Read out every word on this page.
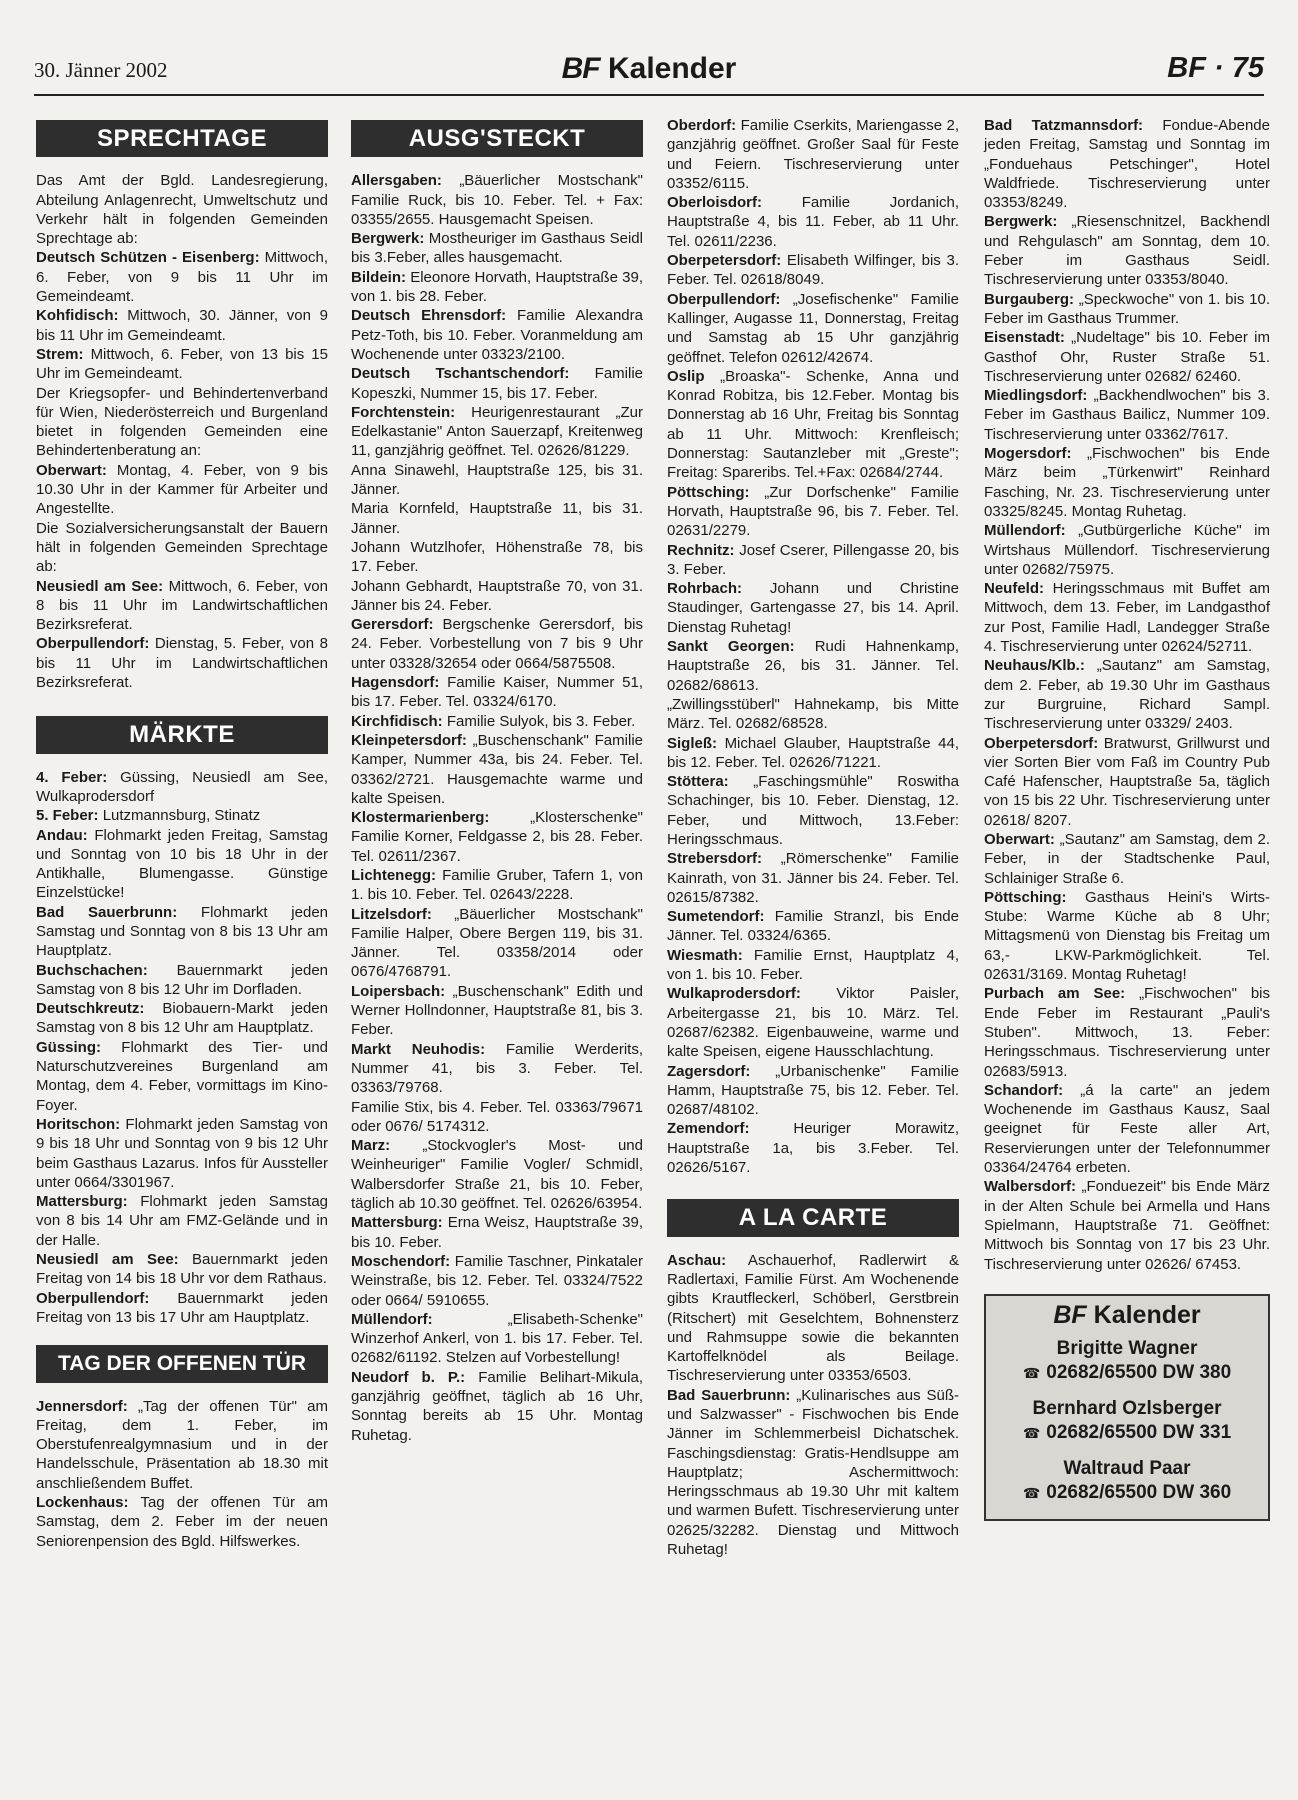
30. Jänner 2002	BF Kalender	BF · 75
SPRECHTAGE

Das Amt der Bgld. Landesregierung, Abteilung Anlagenrecht, Umweltschutz und Verkehr hält in folgenden Gemeinden Sprechtage ab:

Deutsch Schützen - Eisenberg: Mittwoch, 6. Feber, von 9 bis 11 Uhr im Gemeindeamt.

Kohfidisch: Mittwoch, 30. Jänner, von 9 bis 11 Uhr im Gemeindeamt.

Strem: Mittwoch, 6. Feber, von 13 bis 15 Uhr im Gemeindeamt.

Der Kriegsopfer- und Behindertenverband für Wien, Niederösterreich und Burgenland bietet in folgenden Gemeinden eine Behindertenberatung an:

Oberwart: Montag, 4. Feber, von 9 bis 10.30 Uhr in der Kammer für Arbeiter und Angestellte.

Die Sozialversicherungsanstalt der Bauern hält in folgenden Gemeinden Sprechtage ab:

Neusiedl am See: Mittwoch, 6. Feber, von 8 bis 11 Uhr im Landwirtschaftlichen Bezirksreferat.

Oberpullendorf: Dienstag, 5. Feber, von 8 bis 11 Uhr im Landwirtschaftlichen Bezirksreferat.

MÄRKTE

4. Feber: Güssing, Neusiedl am See, Wulkaprodersdorf

5. Feber: Lutzmannsburg, Stinatz

Andau: Flohmarkt jeden Freitag, Samstag und Sonntag von 10 bis 18 Uhr in der Antikhalle, Blumengasse. Günstige Einzelstücke!

Bad Sauerbrunn: Flohmarkt jeden Samstag und Sonntag von 8 bis 13 Uhr am Hauptplatz.

Buchschachen: Bauernmarkt jeden Samstag von 8 bis 12 Uhr im Dorfladen.

Deutschkreutz: Biobauern-Markt jeden Samstag von 8 bis 12 Uhr am Hauptplatz.

Güssing: Flohmarkt des Tier- und Naturschutzvereines Burgenland am Montag, dem 4. Feber, vormittags im Kino-Foyer.

Horitschon: Flohmarkt jeden Samstag von 9 bis 18 Uhr und Sonntag von 9 bis 12 Uhr beim Gasthaus Lazarus. Infos für Aussteller unter 0664/3301967.

Mattersburg: Flohmarkt jeden Samstag von 8 bis 14 Uhr am FMZ-Gelände und in der Halle.

Neusiedl am See: Bauernmarkt jeden Freitag von 14 bis 18 Uhr vor dem Rathaus.

Oberpullendorf: Bauernmarkt jeden Freitag von 13 bis 17 Uhr am Hauptplatz.

TAG DER OFFENEN TÜR

Jennersdorf: „Tag der offenen Tür" am Freitag, dem 1. Feber, im Oberstufenrealgymnasium und in der Handelsschule, Präsentation ab 18.30 mit anschließendem Buffet.

Lockenhaus: Tag der offenen Tür am Samstag, dem 2. Feber im der neuen Seniorenpension des Bgld. Hilfswerkes.

AUSG'STECKT

Allersgaben: „Bäuerlicher Mostschank" Familie Ruck, bis 10. Feber. Tel. + Fax: 03355/2655. Hausgemacht Speisen.

Bergwerk: Mostheuriger im Gasthaus Seidl bis 3.Feber, alles hausgemacht.

Bildein: Eleonore Horvath, Hauptstraße 39, von 1. bis 28. Feber.

Deutsch Ehrensdorf: Familie Alexandra Petz-Toth, bis 10. Feber. Voranmeldung am Wochenende unter 03323/2100.

Deutsch Tschantschendorf: Familie Kopeszki, Nummer 15, bis 17. Feber.

Forchtenstein: Heurigenrestaurant „Zur Edelkastanie" Anton Sauerzapf, Kreitenweg 11, ganzjährig geöffnet. Tel. 02626/81229.

Anna Sinawehl, Hauptstraße 125, bis 31. Jänner.

Maria Kornfeld, Hauptstraße 11, bis 31. Jänner.

Johann Wutzlhofer, Höhenstraße 78, bis 17. Feber.

Johann Gebhardt, Hauptstraße 70, von 31. Jänner bis 24. Feber.

Gerersdorf: Bergschenke Gerersdorf, bis 24. Feber. Vorbestellung von 7 bis 9 Uhr unter 03328/32654 oder 0664/5875508.

Hagensdorf: Familie Kaiser, Nummer 51, bis 17. Feber. Tel. 03324/6170.

Kirchfidisch: Familie Sulyok, bis 3. Feber.

Kleinpetersdorf: „Buschenschank" Familie Kamper, Nummer 43a, bis 24. Feber. Tel. 03362/2721. Hausgemachte warme und kalte Speisen.

Klostermarienberg: „Klosterschenke" Familie Korner, Feldgasse 2, bis 28. Feber. Tel. 02611/2367.

Lichtenegg: Familie Gruber, Tafern 1, von 1. bis 10. Feber. Tel. 02643/2228.

Litzelsdorf: „Bäuerlicher Mostschank" Familie Halper, Obere Bergen 119, bis 31. Jänner. Tel. 03358/2014 oder 0676/4768791.

Loipersbach: „Buschenschank" Edith und Werner Hollndonner, Hauptstraße 81, bis 3. Feber.

Markt Neuhodis: Familie Werderits, Nummer 41, bis 3. Feber. Tel. 03363/79768.

Familie Stix, bis 4. Feber. Tel. 03363/79671 oder 0676/ 5174312.

Marz: „Stockvogler's Most- und Weinheuriger" Familie Vogler/ Schmidl, Walbersdorfer Straße 21, bis 10. Feber, täglich ab 10.30 geöffnet. Tel. 02626/63954.

Mattersburg: Erna Weisz, Hauptstraße 39, bis 10. Feber.

Moschendorf: Familie Taschner, Pinkataler Weinstraße, bis 12. Feber. Tel. 03324/7522 oder 0664/ 5910655.

Müllendorf: „Elisabeth-Schenke" Winzerhof Ankerl, von 1. bis 17. Feber. Tel. 02682/61192. Stelzen auf Vorbestellung!

Neudorf b. P.: Familie Belihart-Mikula, ganzjährig geöffnet, täglich ab 16 Uhr, Sonntag bereits ab 15 Uhr. Montag Ruhetag.

Oberdorf: Familie Cserkits, Mariengasse 2, ganzjährig geöffnet. Großer Saal für Feste und Feiern. Tischreservierung unter 03352/6115.

Oberloisdorf: Familie Jordanich, Hauptstraße 4, bis 11. Feber, ab 11 Uhr. Tel. 02611/2236.

Oberpetersdorf: Elisabeth Wilfinger, bis 3. Feber. Tel. 02618/8049.

Oberpullendorf: „Josefischenke" Familie Kallinger, Augasse 11, Donnerstag, Freitag und Samstag ab 15 Uhr ganzjährig geöffnet. Telefon 02612/42674.

Oslip „Broaska"- Schenke, Anna und Konrad Robitza, bis 12.Feber. Montag bis Donnerstag ab 16 Uhr, Freitag bis Sonntag ab 11 Uhr. Mittwoch: Krenfleisch; Donnerstag: Sautanzleber mit „Greste"; Freitag: Spareribs. Tel.+Fax: 02684/2744.

Pöttsching: „Zur Dorfschenke" Familie Horvath, Hauptstraße 96, bis 7. Feber. Tel. 02631/2279.

Rechnitz: Josef Cserer, Pillengasse 20, bis 3. Feber.

Rohrbach: Johann und Christine Staudinger, Gartengasse 27, bis 14. April. Dienstag Ruhetag!

Sankt Georgen: Rudi Hahnenkamp, Hauptstraße 26, bis 31. Jänner. Tel. 02682/68613.

„Zwillingsstüberl" Hahnekamp, bis Mitte März. Tel. 02682/68528.

Sigleß: Michael Glauber, Hauptstraße 44, bis 12. Feber. Tel. 02626/71221.

Stöttera: „Faschingsmühle" Roswitha Schachinger, bis 10. Feber. Dienstag, 12. Feber, und Mittwoch, 13.Feber: Heringsschmaus.

Strebersdorf: „Römerschenke" Familie Kainrath, von 31. Jänner bis 24. Feber. Tel. 02615/87382.

Sumetendorf: Familie Stranzl, bis Ende Jänner. Tel. 03324/6365.

Wiesmath: Familie Ernst, Hauptplatz 4, von 1. bis 10. Feber.

Wulkaprodersdorf: Viktor Paisler, Arbeitergasse 21, bis 10. März. Tel. 02687/62382. Eigenbauweine, warme und kalte Speisen, eigene Hausschlachtung.

Zagersdorf: „Urbanischenke" Familie Hamm, Hauptstraße 75, bis 12. Feber. Tel. 02687/48102.

Zemendorf: Heuriger Morawitz, Hauptstraße 1a, bis 3.Feber. Tel. 02626/5167.

A LA CARTE

Aschau: Aschauerhof, Radlerwirt & Radlertaxi, Familie Fürst. Am Wochenende gibts Krautfleckerl, Schöberl, Gerstbrein (Ritschert) mit Geselchtem, Bohnensterz und Rahmsuppe sowie die bekannten Kartoffelknödel als Beilage. Tischreservierung unter 03353/6503.

Bad Sauerbrunn: „Kulinarisches aus Süß- und Salzwasser" - Fischwochen bis Ende Jänner im Schlemmerbeisl Dichatschek. Faschingsdienstag: Gratis-Hendlsuppe am Hauptplatz; Aschermittwoch: Heringsschmaus ab 19.30 Uhr mit kaltem und warmen Bufett. Tischreservierung unter 02625/32282. Dienstag und Mittwoch Ruhetag!

Bad Tatzmannsdorf: Fondue-Abende jeden Freitag, Samstag und Sonntag im „Fonduehaus Petschinger", Hotel Waldfriede. Tischreservierung unter 03353/8249.

Bergwerk: „Riesenschnitzel, Backhendl und Rehgulasch" am Sonntag, dem 10. Feber im Gasthaus Seidl. Tischreservierung unter 03353/8040.

Burgauberg: „Speckwoche" von 1. bis 10. Feber im Gasthaus Trummer.

Eisenstadt: „Nudeltage" bis 10. Feber im Gasthof Ohr, Ruster Straße 51. Tischreservierung unter 02682/ 62460.

Miedlingsdorf: „Backhendlwochen" bis 3. Feber im Gasthaus Bailicz, Nummer 109. Tischreservierung unter 03362/7617.

Mogersdorf: „Fischwochen" bis Ende März beim „Türkenwirt" Reinhard Fasching, Nr. 23. Tischreservierung unter 03325/8245. Montag Ruhetag.

Müllendorf: „Gutbürgerliche Küche" im Wirtshaus Müllendorf. Tischreservierung unter 02682/75975.

Neufeld: Heringsschmaus mit Buffet am Mittwoch, dem 13. Feber, im Landgasthof zur Post, Familie Hadl, Landegger Straße 4. Tischreservierung unter 02624/52711.

Neuhaus/Klb.: „Sautanz" am Samstag, dem 2. Feber, ab 19.30 Uhr im Gasthaus zur Burgruine, Richard Sampl. Tischreservierung unter 03329/ 2403.

Oberpetersdorf: Bratwurst, Grillwurst und vier Sorten Bier vom Faß im Country Pub Café Hafenscher, Hauptstraße 5a, täglich von 15 bis 22 Uhr. Tischreservierung unter 02618/ 8207.

Oberwart: „Sautanz" am Samstag, dem 2. Feber, in der Stadtschenke Paul, Schlainiger Straße 6.

Pöttsching: Gasthaus Heini's Wirts-Stube: Warme Küche ab 8 Uhr; Mittagsmenü von Dienstag bis Freitag um 63,- LKW-Parkmöglichkeit. Tel. 02631/3169. Montag Ruhetag!

Purbach am See: „Fischwochen" bis Ende Feber im Restaurant „Pauli's Stuben". Mittwoch, 13. Feber: Heringsschmaus. Tischreservierung unter 02683/5913.

Schandorf: „á la carte" an jedem Wochenende im Gasthaus Kausz, Saal geeignet für Feste aller Art, Reservierungen unter der Telefonnummer 03364/24764 erbeten.

Walbersdorf: „Fonduezeit" bis Ende März in der Alten Schule bei Armella und Hans Spielmann, Hauptstraße 71. Geöffnet: Mittwoch bis Sonntag von 17 bis 23 Uhr. Tischreservierung unter 02626/ 67453.

BF Kalender
Brigitte Wagner
☎ 02682/65500 DW 380
Bernhard Ozlsberger
☎ 02682/65500 DW 331
Waltraud Paar
☎ 02682/65500 DW 360
